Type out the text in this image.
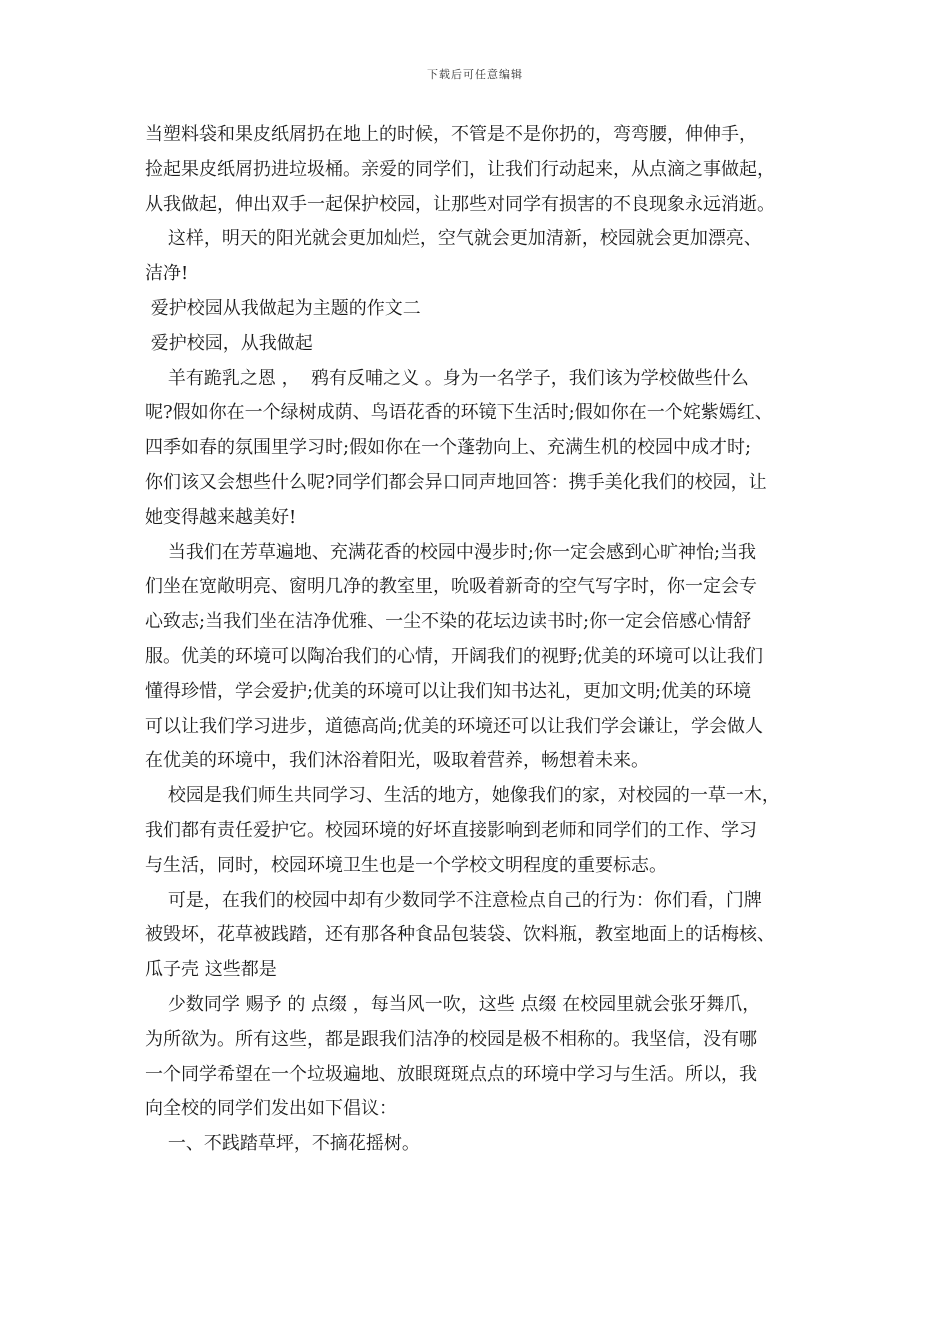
下载后可任意编辑
当塑料袋和果皮纸屑扔在地上的时候，不管是不是你扔的，弯弯腰，伸伸手，
捡起果皮纸屑扔进垃圾桶。亲爱的同学们，让我们行动起来，从点滴之事做起，
从我做起，伸出双手一起保护校园，让那些对同学有损害的不良现象永远消逝。
这样，明天的阳光就会更加灿烂，空气就会更加清新，校园就会更加漂亮、
洁净!
爱护校园从我做起为主题的作文二
爱护校园，从我做起
羊有跪乳之恩 ，  鸦有反哺之义 。身为一名学子，我们该为学校做些什么
呢?假如你在一个绿树成荫、鸟语花香的环镜下生活时;假如你在一个姹紫嫣红、
四季如春的氛围里学习时;假如你在一个蓬勃向上、充满生机的校园中成才时;
你们该又会想些什么呢?同学们都会异口同声地回答：携手美化我们的校园，让
她变得越来越美好!
当我们在芳草遍地、充满花香的校园中漫步时;你一定会感到心旷神怡;当我
们坐在宽敞明亮、窗明几净的教室里，吮吸着新奇的空气写字时，你一定会专
心致志;当我们坐在洁净优雅、一尘不染的花坛边读书时;你一定会倍感心情舒
服。优美的环境可以陶冶我们的心情，开阔我们的视野;优美的环境可以让我们
懂得珍惜，学会爱护;优美的环境可以让我们知书达礼，更加文明;优美的环境
可以让我们学习进步，道德高尚;优美的环境还可以让我们学会谦让，学会做人
在优美的环境中，我们沐浴着阳光，吸取着营养，畅想着未来。
校园是我们师生共同学习、生活的地方，她像我们的家，对校园的一草一木，
我们都有责任爱护它。校园环境的好坏直接影响到老师和同学们的工作、学习
与生活，同时，校园环境卫生也是一个学校文明程度的重要标志。
可是，在我们的校园中却有少数同学不注意检点自己的行为：你们看，门牌
被毁坏，花草被践踏，还有那各种食品包装袋、饮料瓶，教室地面上的话梅核、
瓜子壳 这些都是
少数同学 赐予 的 点缀 ，每当风一吹，这些 点缀 在校园里就会张牙舞爪，
为所欲为。所有这些，都是跟我们洁净的校园是极不相称的。我坚信，没有哪
一个同学希望在一个垃圾遍地、放眼斑斑点点的环境中学习与生活。所以，我
向全校的同学们发出如下倡议：
一、不践踏草坪，不摘花摇树。
